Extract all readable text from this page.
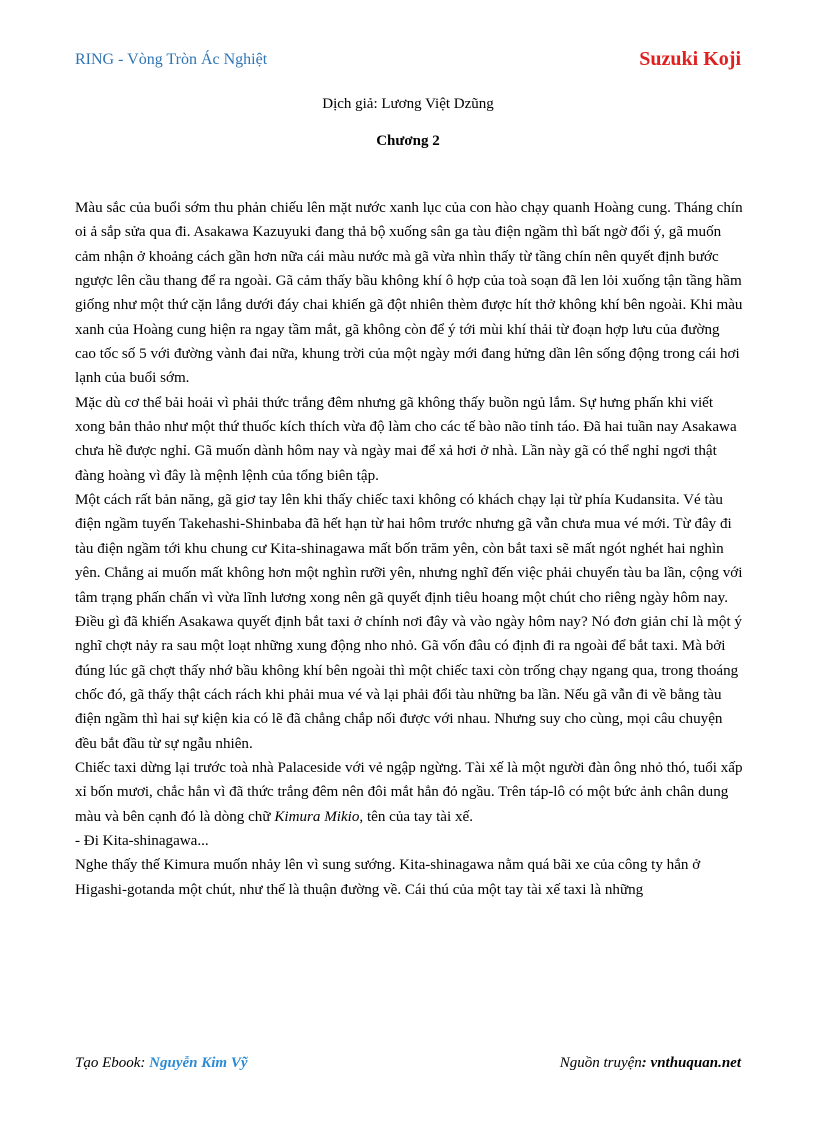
RING - Vòng Tròn Ác Nghiệt	Suzuki Koji
Dịch giả: Lương Việt Dzũng
Chương 2

Màu sắc của buổi sớm thu phản chiếu lên mặt nước xanh lục của con hào chạy quanh Hoàng cung. Tháng chín oi ả sắp sửa qua đi. Asakawa Kazuyuki đang thả bộ xuống sân ga tàu điện ngầm thì bất ngờ đổi ý, gã muốn cảm nhận ở khoảng cách gần hơn nữa cái màu nước mà gã vừa nhìn thấy từ tầng chín nên quyết định bước ngược lên cầu thang để ra ngoài. Gã cảm thấy bầu không khí ô hợp của toà soạn đã len lỏi xuống tận tầng hầm giống như một thứ cặn lắng dưới đáy chai khiến gã đột nhiên thèm được hít thở không khí bên ngoài. Khi màu xanh của Hoàng cung hiện ra ngay tầm mắt, gã không còn để ý tới mùi khí thải từ đoạn hợp lưu của đường cao tốc số 5 với đường vành đai nữa, khung trời của một ngày mới đang hửng dần lên sống động trong cái hơi lạnh của buổi sớm.

Mặc dù cơ thể bải hoải vì phải thức trắng đêm nhưng gã không thấy buồn ngủ lắm. Sự hưng phấn khi viết xong bản thảo như một thứ thuốc kích thích vừa độ làm cho các tế bào não tỉnh táo. Đã hai tuần nay Asakawa chưa hề được nghỉ. Gã muốn dành hôm nay và ngày mai để xả hơi ở nhà. Lần này gã có thể nghỉ ngơi thật đàng hoàng vì đây là mệnh lệnh của tổng biên tập.

Một cách rất bản năng, gã giơ tay lên khi thấy chiếc taxi không có khách chạy lại từ phía Kudansita. Vé tàu điện ngầm tuyến Takehashi-Shinbaba đã hết hạn từ hai hôm trước nhưng gã vẫn chưa mua vé mới. Từ đây đi tàu điện ngầm tới khu chung cư Kita-shinagawa mất bốn trăm yên, còn bắt taxi sẽ mất ngót nghét hai nghìn yên. Chẳng ai muốn mất không hơn một nghìn rưỡi yên, nhưng nghĩ đến việc phải chuyển tàu ba lần, cộng với tâm trạng phấn chấn vì vừa lĩnh lương xong nên gã quyết định tiêu hoang một chút cho riêng ngày hôm nay.

Điều gì đã khiến Asakawa quyết định bắt taxi ở chính nơi đây và vào ngày hôm nay? Nó đơn giản chỉ là một ý nghĩ chợt nảy ra sau một loạt những xung động nho nhỏ. Gã vốn đâu có định đi ra ngoài để bắt taxi. Mà bởi đúng lúc gã chợt thấy nhớ bầu không khí bên ngoài thì một chiếc taxi còn trống chạy ngang qua, trong thoáng chốc đó, gã thấy thật cách rách khi phải mua vé và lại phải đổi tàu những ba lần. Nếu gã vẫn đi về bằng tàu điện ngầm thì hai sự kiện kia có lẽ đã chẳng chắp nối được với nhau. Nhưng suy cho cùng, mọi câu chuyện đều bắt đầu từ sự ngẫu nhiên.

Chiếc taxi dừng lại trước toà nhà Palaceside với vẻ ngập ngừng. Tài xế là một người đàn ông nhỏ thó, tuổi xấp xỉ bốn mươi, chắc hẳn vì đã thức trắng đêm nên đôi mắt hẳn đỏ ngầu. Trên táp-lô có một bức ảnh chân dung màu và bên cạnh đó là dòng chữ Kimura Mikio, tên của tay tài xế.

- Đi Kita-shinagawa...

Nghe thấy thế Kimura muốn nhảy lên vì sung sướng. Kita-shinagawa nằm quá bãi xe của công ty hắn ở Higashi-gotanda một chút, như thế là thuận đường về. Cái thú của một tay tài xế taxi là những

Tạo Ebook: Nguyễn Kim Vỹ	Nguồn truyện: vnthuquan.net
